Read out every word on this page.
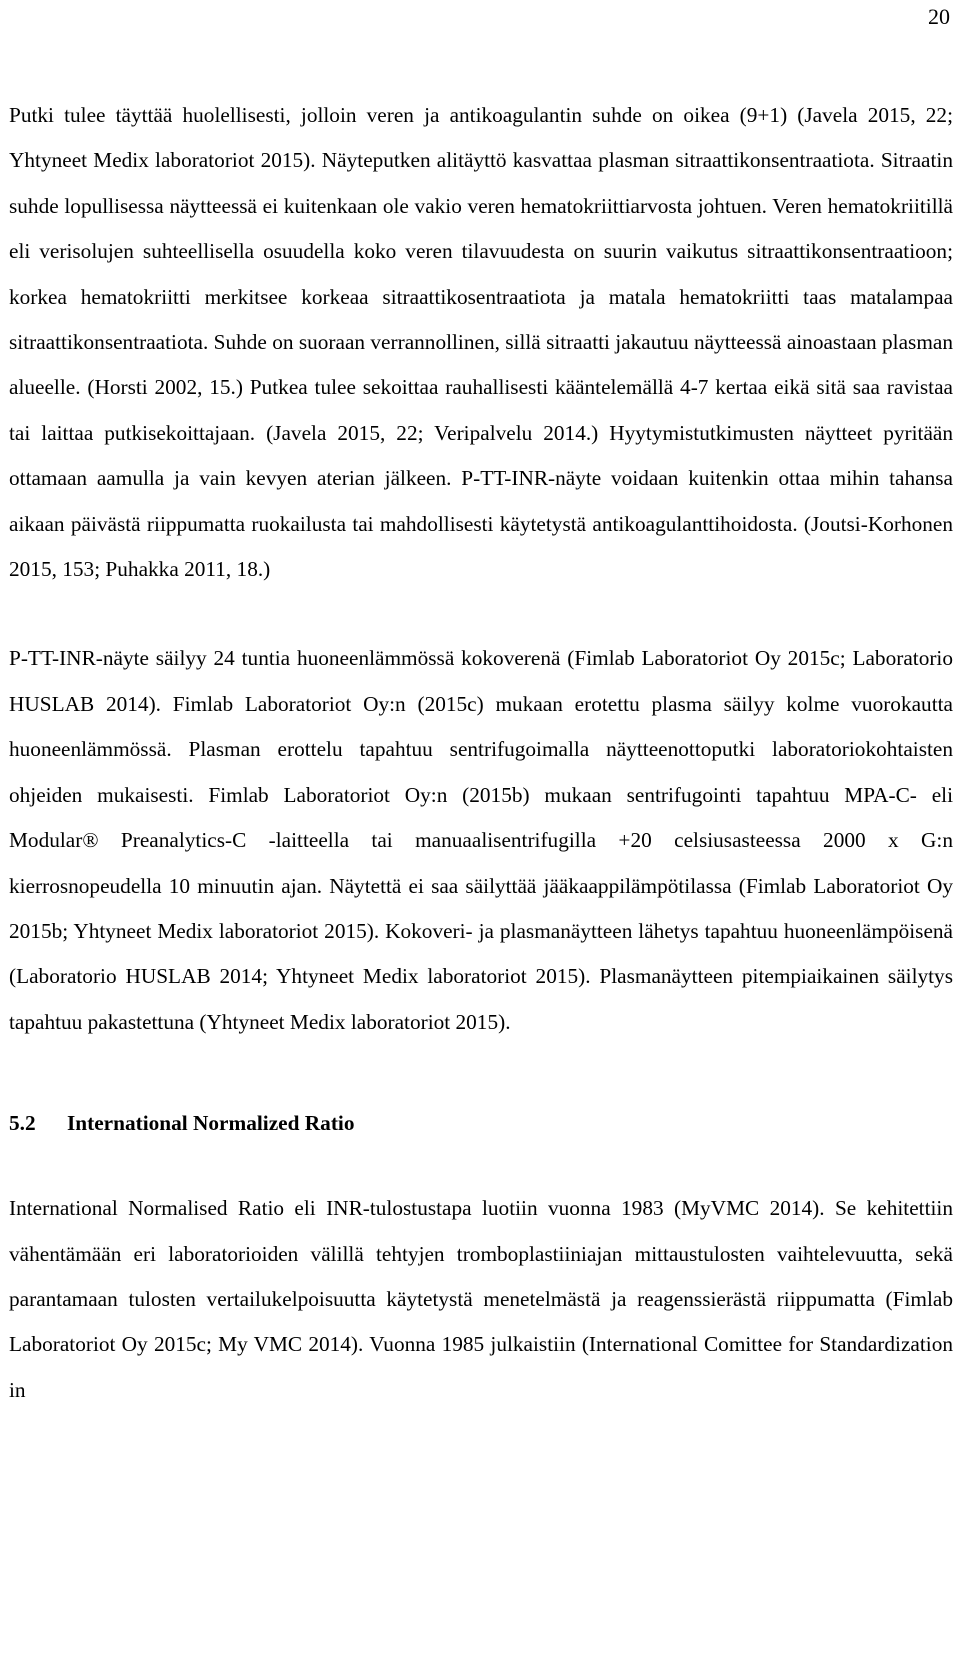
20

Putki tulee täyttää huolellisesti, jolloin veren ja antikoagulantin suhde on oikea (9+1) (Javela 2015, 22; Yhtyneet Medix laboratoriot 2015). Näyteputken alitäyttö kasvattaa plasman sitraattikonsentraatiota. Sitraatin suhde lopullisessa näytteessä ei kuitenkaan ole vakio veren hematokriittiarvosta johtuen. Veren hematokriitillä eli verisolujen suhteellisella osuudella koko veren tilavuudesta on suurin vaikutus sitraattikonsentraatioon; korkea hematokriitti merkitsee korkeaa sitraattikosentraatiota ja matala hematokriitti taas matalampaa sitraattikonsentraatiota. Suhde on suoraan verrannollinen, sillä sitraatti jakautuu näytteessä ainoastaan plasman alueelle. (Horsti 2002, 15.) Putkea tulee sekoittaa rauhallisesti kääntelemällä 4-7 kertaa eikä sitä saa ravistaa tai laittaa putkisekoittajaan. (Javela 2015, 22; Veripalvelu 2014.) Hyytymistutkimusten näytteet pyritään ottamaan aamulla ja vain kevyen aterian jälkeen. P-TT-INR-näyte voidaan kuitenkin ottaa mihin tahansa aikaan päivästä riippumatta ruokailusta tai mahdollisesti käytetystä antikoagulanttihoidosta. (Joutsi-Korhonen 2015, 153; Puhakka 2011, 18.)

P-TT-INR-näyte säilyy 24 tuntia huoneenlämmössä kokoverenä (Fimlab Laboratoriot Oy 2015c; Laboratorio HUSLAB 2014). Fimlab Laboratoriot Oy:n (2015c) mukaan erotettu plasma säilyy kolme vuorokautta huoneenlämmössä. Plasman erottelu tapahtuu sentrifugoimalla näytteenottoputki laboratoriokohtaisten ohjeiden mukaisesti. Fimlab Laboratoriot Oy:n (2015b) mukaan sentrifugointi tapahtuu MPA-C- eli Modular® Preanalytics-C -laitteella tai manuaalisentrifugilla +20 celsiusasteessa 2000 x G:n kierrosnopeudella 10 minuutin ajan. Näytettä ei saa säilyttää jääkaappilämpötilassa (Fimlab Laboratoriot Oy 2015b; Yhtyneet Medix laboratoriot 2015). Kokoveri- ja plasmanäytteen lähetys tapahtuu huoneenlämpöisenä (Laboratorio HUSLAB 2014; Yhtyneet Medix laboratoriot 2015). Plasmanäytteen pitempiaikainen säilytys tapahtuu pakastettuna (Yhtyneet Medix laboratoriot 2015).

5.2	International Normalized Ratio

International Normalised Ratio eli INR-tulostustapa luotiin vuonna 1983 (MyVMC 2014). Se kehitettiin vähentämään eri laboratorioiden välillä tehtyjen tromboplastiiniajan mittaustulosten vaihtelevuutta, sekä parantamaan tulosten vertailukelpoisuutta käytetystä menetelmästä ja reagenssierästä riippumatta (Fimlab Laboratoriot Oy 2015c; My VMC 2014). Vuonna 1985 julkaistiin (International Comittee for Standardization in
